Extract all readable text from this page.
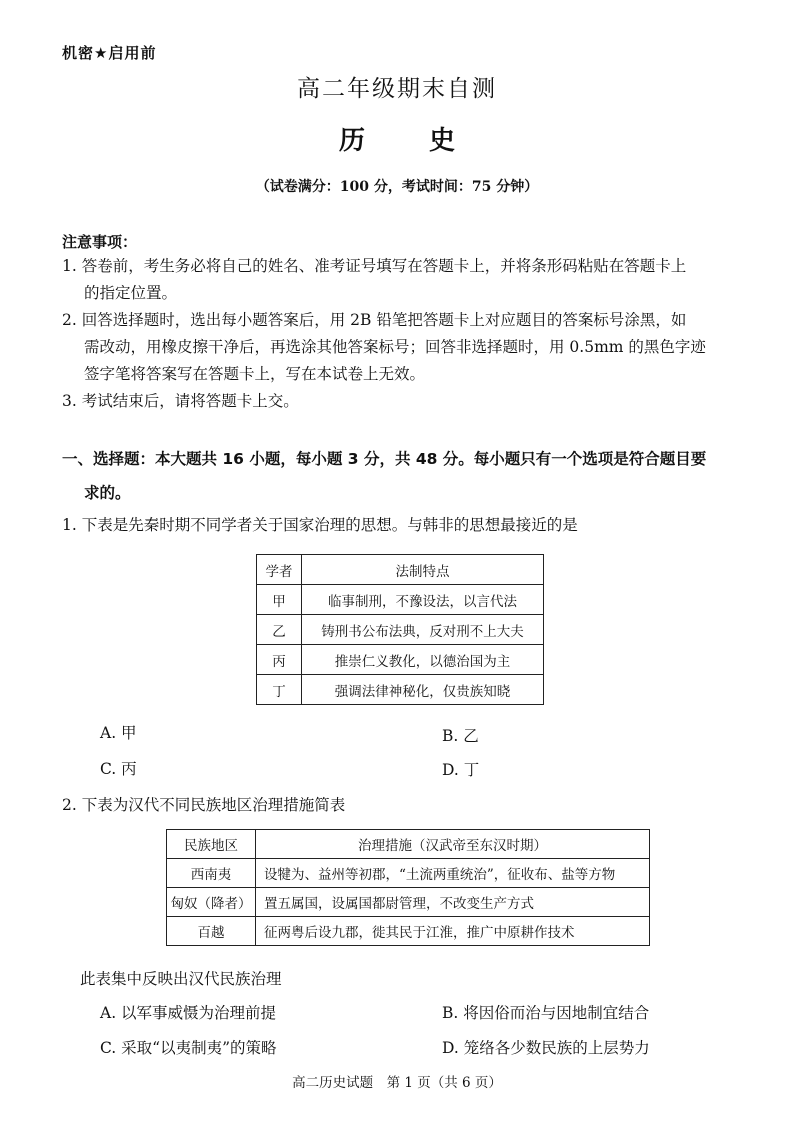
机密★启用前
高二年级期末自测
历 史
（试卷满分：100 分，考试时间：75 分钟）
注意事项：
1. 答卷前，考生务必将自己的姓名、准考证号填写在答题卡上，并将条形码粘贴在答题卡上
的指定位置。
2. 回答选择题时，选出每小题答案后，用 2B 铅笔把答题卡上对应题目的答案标号涂黑，如
需改动，用橡皮擦干净后，再选涂其他答案标号；回答非选择题时，用 0.5mm 的黑色字迹
签字笔将答案写在答题卡上，写在本试卷上无效。
3. 考试结束后，请将答题卡上交。
一、选择题：本大题共 16 小题，每小题 3 分，共 48 分。每小题只有一个选项是符合题目要
求的。
1. 下表是先秦时期不同学者关于国家治理的思想。与韩非的思想最接近的是
学者	法制特点
甲	临事制刑，不豫设法，以言代法
乙	铸刑书公布法典，反对刑不上大夫
丙	推崇仁义教化，以德治国为主
丁	强调法律神秘化，仅贵族知晓
A. 甲	B. 乙
C. 丙	D. 丁
2. 下表为汉代不同民族地区治理措施简表
民族地区	治理措施（汉武帝至东汉时期）
西南夷	设犍为、益州等初郡，“土流两重统治”，征收布、盐等方物
匈奴（降者）	置五属国，设属国都尉管理，不改变生产方式
百越	征两粤后设九郡，徙其民于江淮，推广中原耕作技术
此表集中反映出汉代民族治理
A. 以军事威慑为治理前提	B. 将因俗而治与因地制宜结合
C. 采取“以夷制夷”的策略	D. 笼络各少数民族的上层势力
高二历史试题　第 1 页（共 6 页）
